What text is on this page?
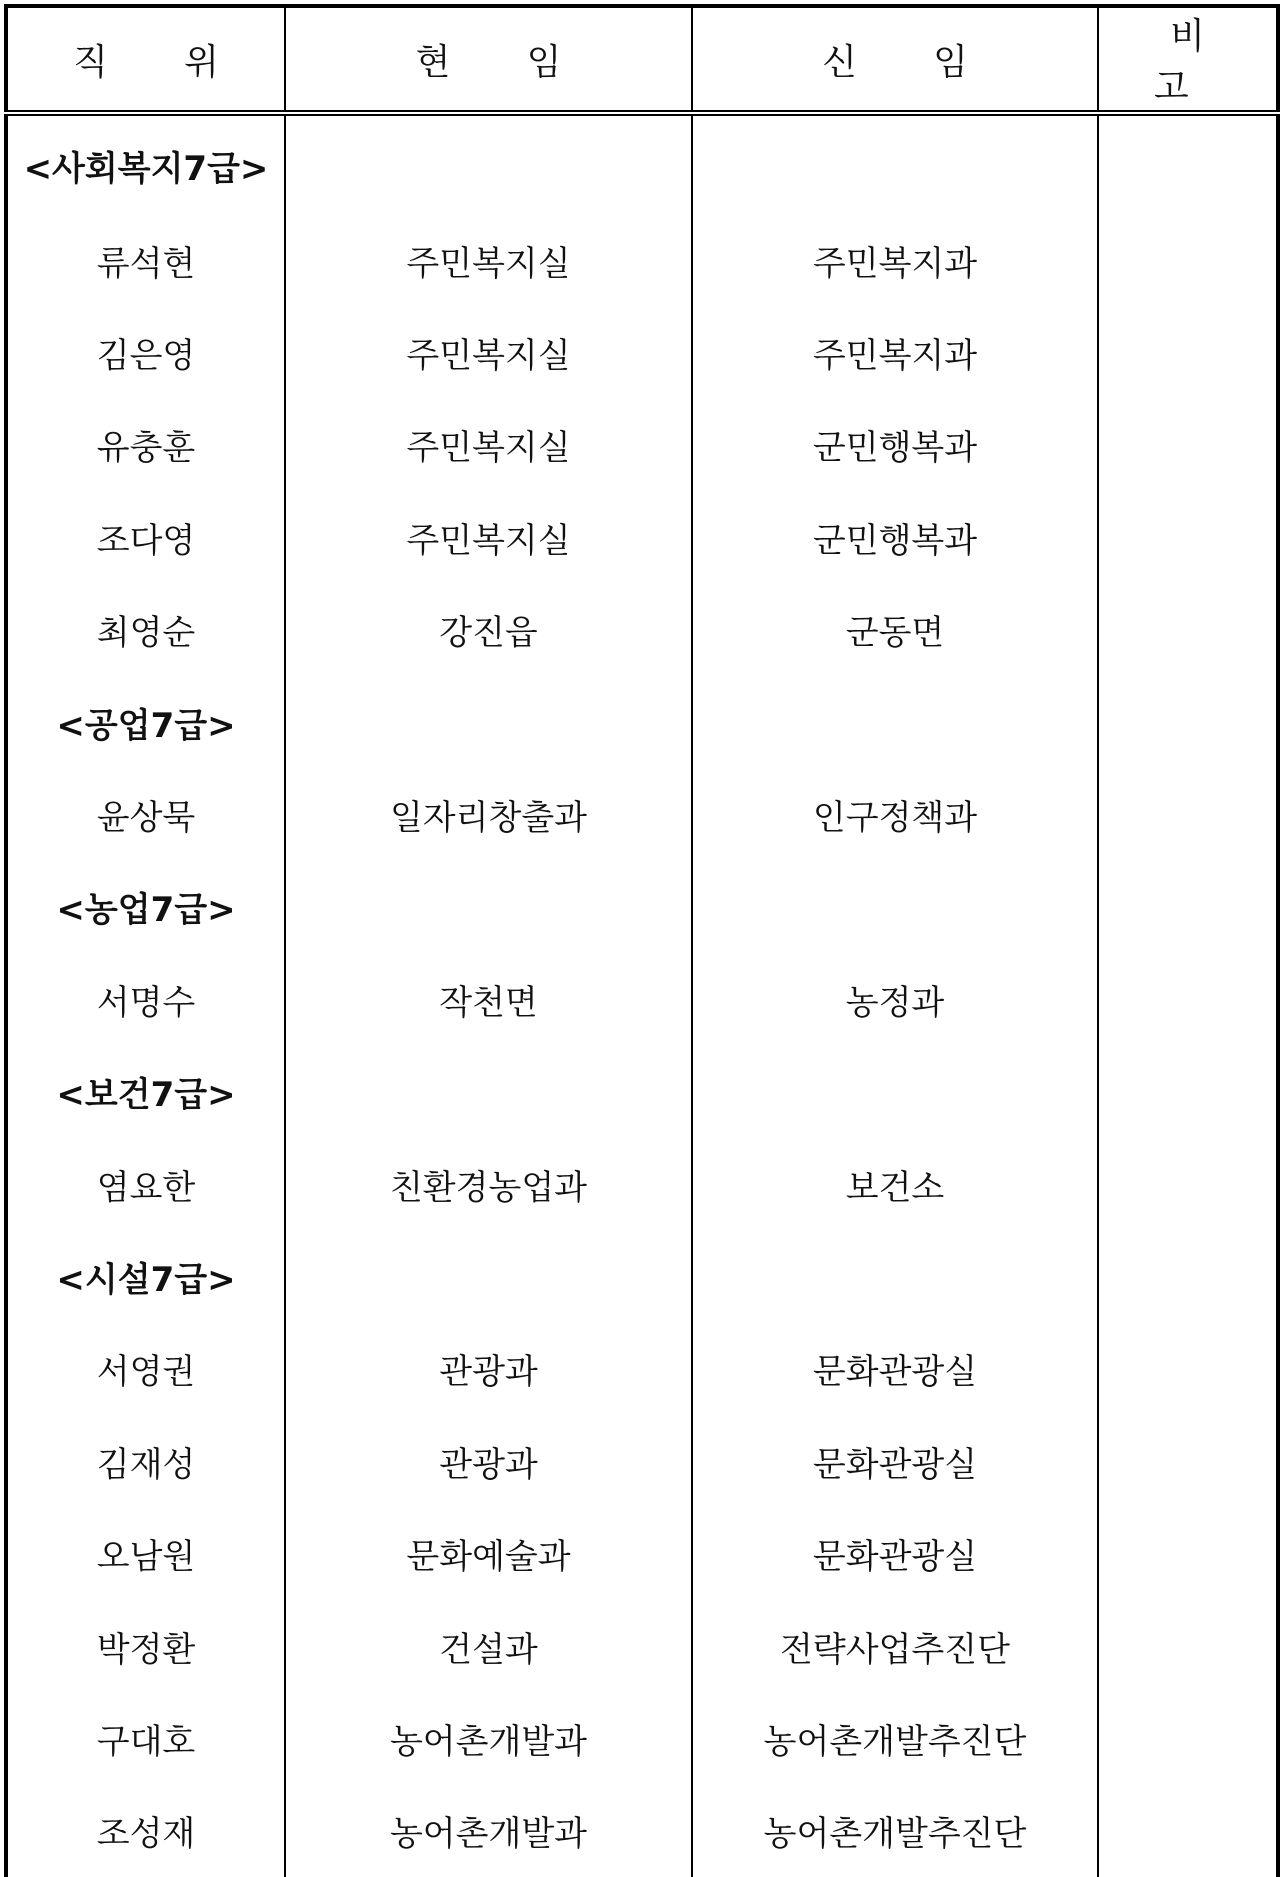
직 위	현 임	신 임	비 고
<사회복지7급>			
류석현	주민복지실	주민복지과	
김은영	주민복지실	주민복지과	
유충훈	주민복지실	군민행복과	
조다영	주민복지실	군민행복과	
최영순	강진읍	군동면	
<공업7급>			
윤상묵	일자리창출과	인구정책과	
<농업7급>			
서명수	작천면	농정과	
<보건7급>			
염요한	친환경농업과	보건소	
<시설7급>			
서영권	관광과	문화관광실	
김재성	관광과	문화관광실	
오남원	문화예술과	문화관광실	
박정환	건설과	전략사업추진단	
구대호	농어촌개발과	농어촌개발추진단	
조성재	농어촌개발과	농어촌개발추진단	
